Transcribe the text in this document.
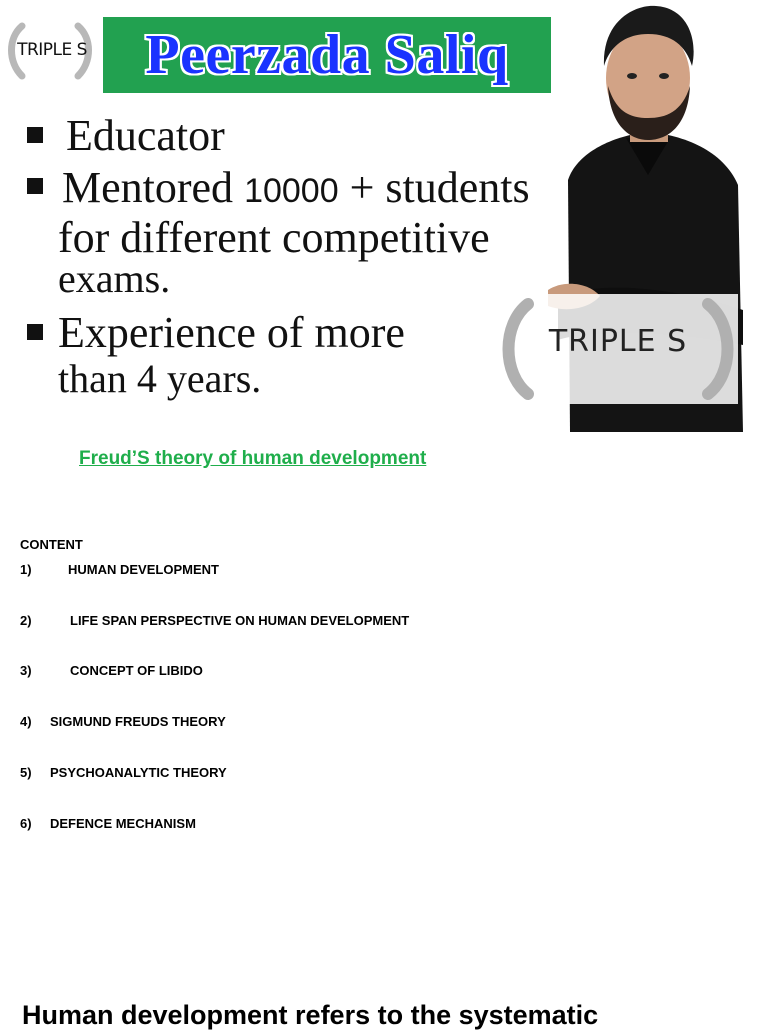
TRIPLE S Peerzada Saliq
Educator
Mentored 10000 + students
for different competitive
exams.
Experience of more
than 4 years.
TRIPLE S
Freud’S theory of human development
CONTENT
1)	HUMAN DEVELOPMENT
2)	LIFE SPAN PERSPECTIVE ON HUMAN DEVELOPMENT
3)	CONCEPT OF LIBIDO
4) SIGMUND FREUDS THEORY
5) PSYCHOANALYTIC THEORY
6) DEFENCE MECHANISM
Human development refers to the systematic
